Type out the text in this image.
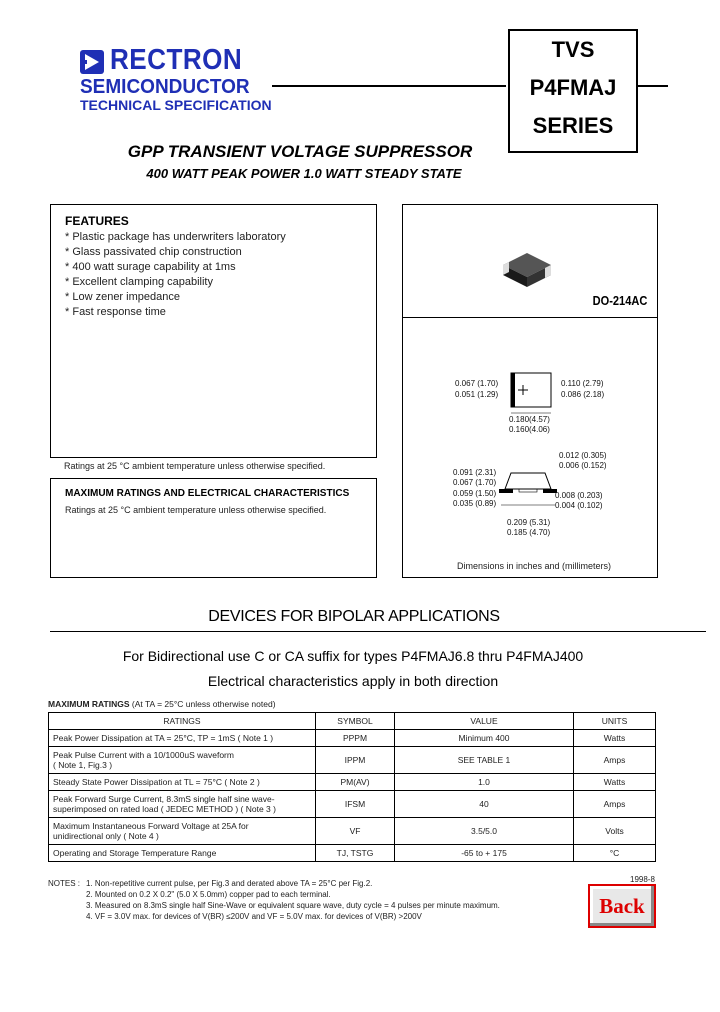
RECTRON
SEMICONDUCTOR
TECHNICAL SPECIFICATION
TVS
P4FMAJ
SERIES
GPP TRANSIENT VOLTAGE SUPPRESSOR
400 WATT PEAK POWER 1.0 WATT STEADY STATE
FEATURES
* Plastic package has underwriters laboratory
* Glass passivated chip construction
* 400 watt surage capability at 1ms
* Excellent clamping capability
* Low zener impedance
* Fast response time
Ratings at 25 °C ambient temperature unless otherwise specified.
MAXIMUM RATINGS AND ELECTRICAL CHARACTERISTICS
Ratings at 25 °C ambient temperature unless otherwise specified.
DO-214AC
0.067 (1.70)
0.051 (1.29)
0.110 (2.79)
0.086 (2.18)
0.180(4.57)
0.160(4.06)
0.012 (0.305)
0.006 (0.152)
0.091 (2.31)
0.067 (1.70)
0.059 (1.50)
0.035 (0.89)
0.008 (0.203)
0.004 (0.102)
0.209 (5.31)
0.185 (4.70)
Dimensions in inches and (millimeters)
DEVICES FOR BIPOLAR APPLICATIONS
For Bidirectional use C or CA suffix for types P4FMAJ6.8 thru P4FMAJ400
Electrical characteristics apply in both direction
MAXIMUM RATINGS (At TA = 25°C unless otherwise noted)
RATINGS	SYMBOL	VALUE	UNITS
Peak Power Dissipation at TA = 25°C, TP = 1mS ( Note 1 )	PPPM	Minimum 400	Watts
Peak Pulse Current with a 10/1000uS waveform
( Note 1, Fig.3 )	IPPM	SEE TABLE 1	Amps
Steady State Power Dissipation at TL = 75°C ( Note 2 )	PM(AV)	1.0	Watts
Peak Forward Surge Current, 8.3mS single half sine wave-
superimposed on rated load ( JEDEC METHOD ) ( Note 3 )	IFSM	40	Amps
Maximum Instantaneous Forward Voltage at 25A for
unidirectional only ( Note 4 )	VF	3.5/5.0	Volts
Operating and Storage Temperature Range	TJ, TSTG	-65 to + 175	°C
NOTES : 1. Non-repetitive current pulse, per Fig.3 and derated above TA = 25°C per Fig.2.
2. Mounted on 0.2 X 0.2" (5.0 X 5.0mm) copper pad to each terminal.
3. Measured on 8.3mS single half Sine-Wave or equivalent square wave, duty cycle = 4 pulses per minute maximum.
4. VF = 3.0V max. for devices of V(BR) ≤200V and VF = 5.0V max. for devices of V(BR) >200V
1998-8
Back
